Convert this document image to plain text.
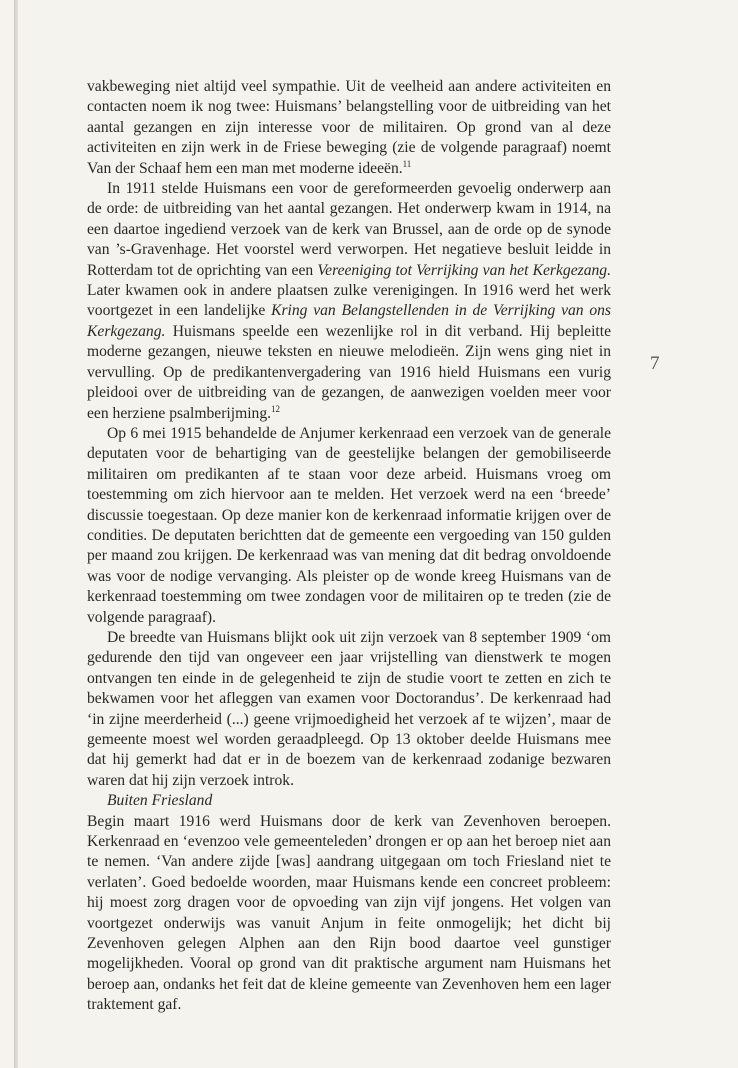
7

vakbeweging niet altijd veel sympathie. Uit de veelheid aan andere activiteiten en contacten noem ik nog twee: Huismans’ belangstelling voor de uitbreiding van het aantal gezangen en zijn interesse voor de militairen. Op grond van al deze activiteiten en zijn werk in de Friese beweging (zie de volgende paragraaf) noemt Van der Schaaf hem een man met moderne ideeën.$^{11}$

In 1911 stelde Huismans een voor de gereformeerden gevoelig onderwerp aan de orde: de uitbreiding van het aantal gezangen. Het onderwerp kwam in 1914, na een daartoe ingediend verzoek van de kerk van Brussel, aan de orde op de synode van ’s-Gravenhage. Het voorstel werd verworpen. Het negatieve besluit leidde in Rotterdam tot de oprichting van een Vereeniging tot Verrijking van het Kerkgezang. Later kwamen ook in andere plaatsen zulke verenigingen. In 1916 werd het werk voortgezet in een landelijke Kring van Belangstellenden in de Verrijking van ons Kerkgezang. Huismans speelde een wezenlijke rol in dit verband. Hij bepleitte moderne gezangen, nieuwe teksten en nieuwe melodieën. Zijn wens ging niet in vervulling. Op de predikantenvergadering van 1916 hield Huismans een vurig pleidooi over de uitbreiding van de gezangen, de aanwezigen voelden meer voor een herziene psalmberijming.$^{12}$

Op 6 mei 1915 behandelde de Anjumer kerkenraad een verzoek van de generale deputaten voor de behartiging van de geestelijke belangen der gemobiliseerde militairen om predikanten af te staan voor deze arbeid. Huismans vroeg om toestemming om zich hiervoor aan te melden. Het verzoek werd na een ‘breede’ discussie toegestaan. Op deze manier kon de kerkenraad informatie krijgen over de condities. De deputaten berichtten dat de gemeente een vergoeding van 150 gulden per maand zou krijgen. De kerkenraad was van mening dat dit bedrag onvoldoende was voor de nodige vervanging. Als pleister op de wonde kreeg Huismans van de kerkenraad toestemming om twee zondagen voor de militairen op te treden (zie de volgende paragraaf).

De breedte van Huismans blijkt ook uit zijn verzoek van 8 september 1909 ‘om gedurende den tijd van ongeveer een jaar vrijstelling van dienstwerk te mogen ontvangen ten einde in de gelegenheid te zijn de studie voort te zetten en zich te bekwamen voor het afleggen van examen voor Doctorandus’. De kerkenraad had ‘in zijne meerderheid (...) geene vrijmoedigheid het verzoek af te wijzen’, maar de gemeente moest wel worden geraadpleegd. Op 13 oktober deelde Huismans mee dat hij gemerkt had dat er in de boezem van de kerkenraad zodanige bezwaren waren dat hij zijn verzoek introk.

Buiten Friesland

Begin maart 1916 werd Huismans door de kerk van Zevenhoven beroepen. Kerkenraad en ‘evenzoo vele gemeenteleden’ drongen er op aan het beroep niet aan te nemen. ‘Van andere zijde [was] aandrang uitgegaan om toch Friesland niet te verlaten’. Goed bedoelde woorden, maar Huismans kende een concreet probleem: hij moest zorg dragen voor de opvoeding van zijn vijf jongens. Het volgen van voortgezet onderwijs was vanuit Anjum in feite onmogelijk; het dicht bij Zevenhoven gelegen Alphen aan den Rijn bood daartoe veel gunstiger mogelijkheden. Vooral op grond van dit praktische argument nam Huismans het beroep aan, ondanks het feit dat de kleine gemeente van Zevenhoven hem een lager traktement gaf.
